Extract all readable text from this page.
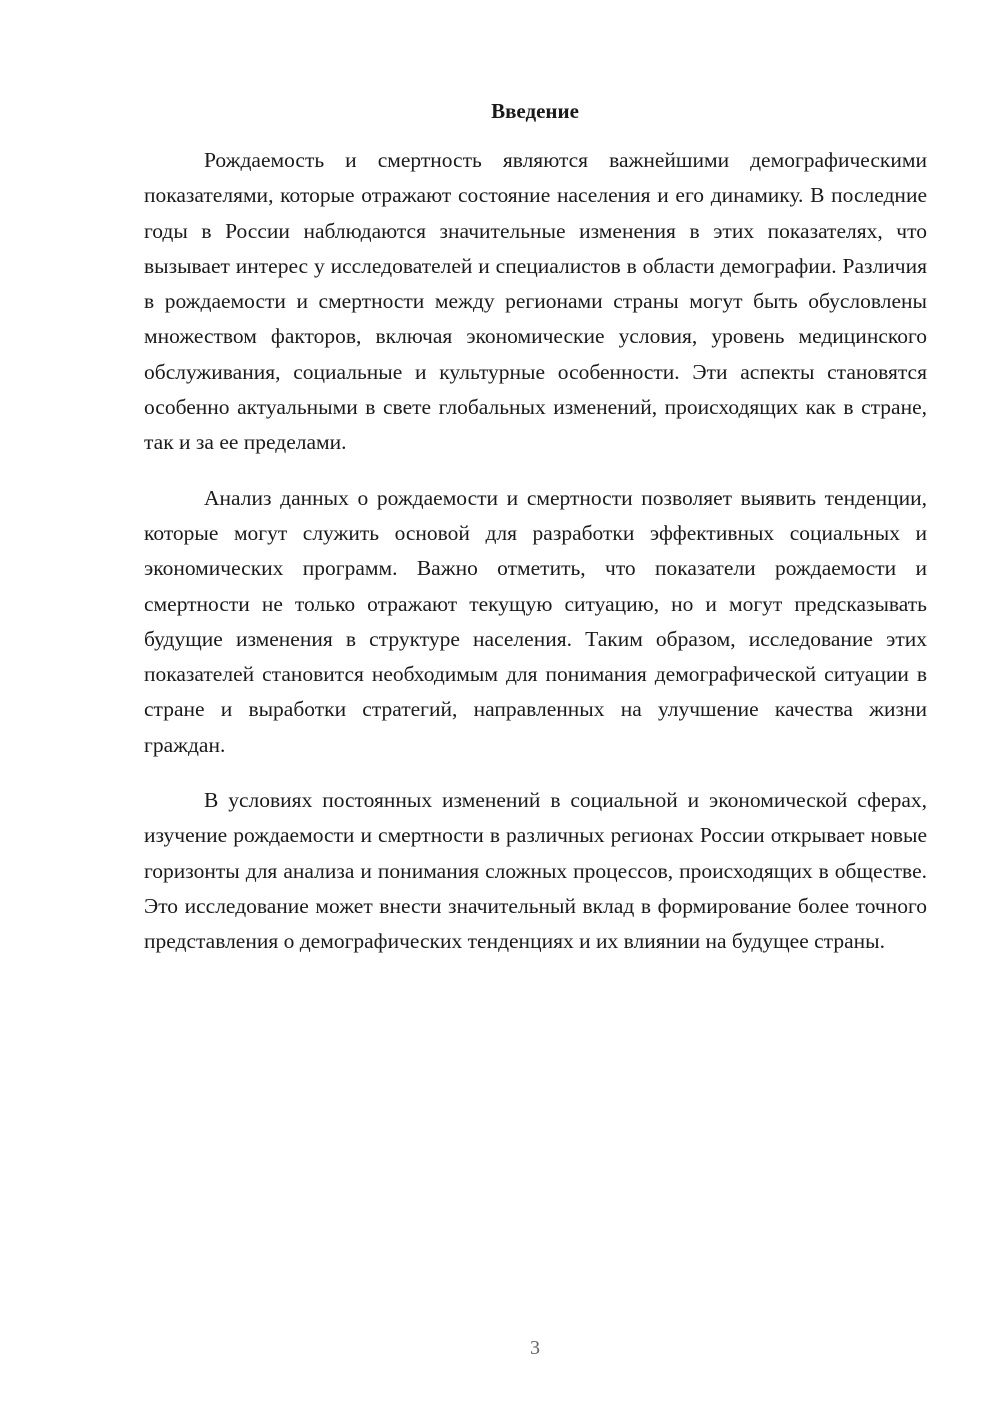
Введение

Рождаемость и смертность являются важнейшими демографическими показателями, которые отражают состояние населения и его динамику. В последние годы в России наблюдаются значительные изменения в этих показателях, что вызывает интерес у исследователей и специалистов в области демографии. Различия в рождаемости и смертности между регионами страны могут быть обусловлены множеством факторов, включая экономические условия, уровень медицинского обслуживания, социальные и культурные особенности. Эти аспекты становятся особенно актуальными в свете глобальных изменений, происходящих как в стране, так и за ее пределами.

Анализ данных о рождаемости и смертности позволяет выявить тенденции, которые могут служить основой для разработки эффективных социальных и экономических программ. Важно отметить, что показатели рождаемости и смертности не только отражают текущую ситуацию, но и могут предсказывать будущие изменения в структуре населения. Таким образом, исследование этих показателей становится необходимым для понимания демографической ситуации в стране и выработки стратегий, направленных на улучшение качества жизни граждан.

В условиях постоянных изменений в социальной и экономической сферах, изучение рождаемости и смертности в различных регионах России открывает новые горизонты для анализа и понимания сложных процессов, происходящих в обществе. Это исследование может внести значительный вклад в формирование более точного представления о демографических тенденциях и их влиянии на будущее страны.

3
